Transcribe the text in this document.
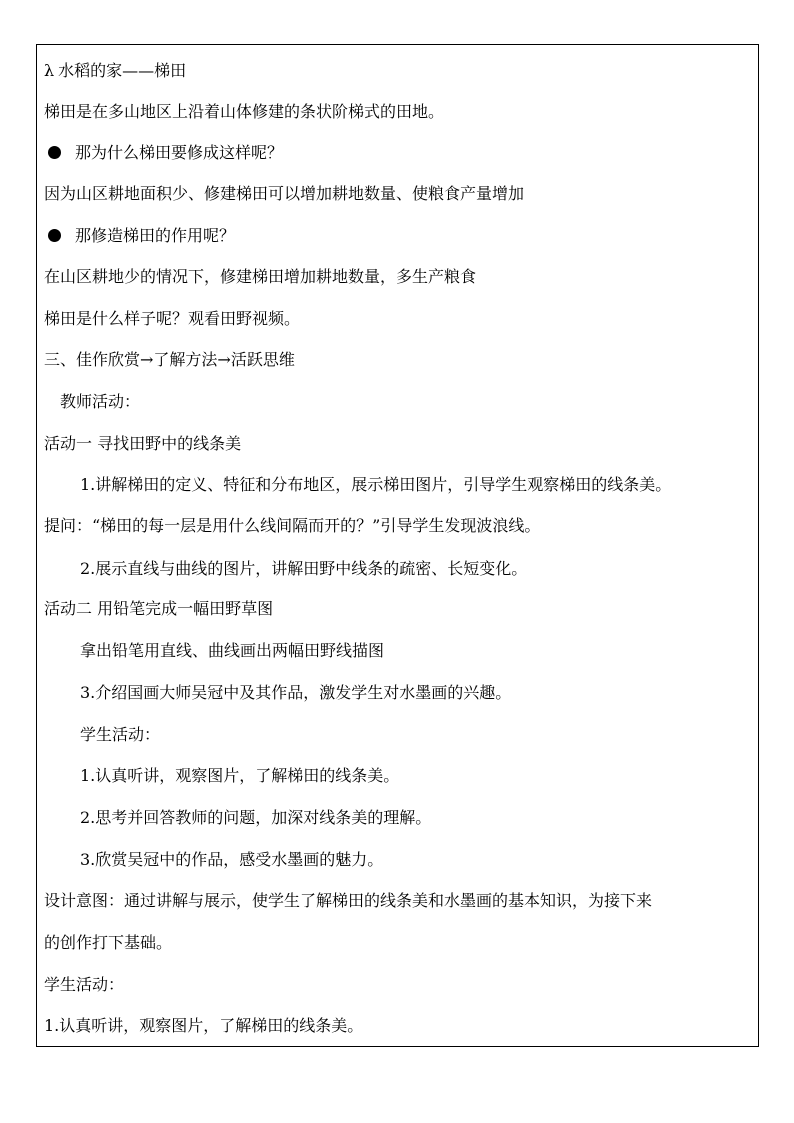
λ 水稻的家——梯田
梯田是在多山地区上沿着山体修建的条状阶梯式的田地。
那为什么梯田要修成这样呢？
因为山区耕地面积少、修建梯田可以增加耕地数量、使粮食产量增加
那修造梯田的作用呢？
在山区耕地少的情况下，修建梯田增加耕地数量，多生产粮食
梯田是什么样子呢？观看田野视频。
三、佳作欣赏→了解方法→活跃思维
教师活动：
活动一 寻找田野中的线条美
1.讲解梯田的定义、特征和分布地区，展示梯田图片，引导学生观察梯田的线条美。
提问：“梯田的每一层是用什么线间隔而开的？”引导学生发现波浪线。
2.展示直线与曲线的图片，讲解田野中线条的疏密、长短变化。
活动二 用铅笔完成一幅田野草图
拿出铅笔用直线、曲线画出两幅田野线描图
3.介绍国画大师吴冠中及其作品，激发学生对水墨画的兴趣。
学生活动：
1.认真听讲，观察图片，了解梯田的线条美。
2.思考并回答教师的问题，加深对线条美的理解。
3.欣赏吴冠中的作品，感受水墨画的魅力。
设计意图：通过讲解与展示，使学生了解梯田的线条美和水墨画的基本知识，为接下来
的创作打下基础。
学生活动：
1.认真听讲，观察图片，了解梯田的线条美。
